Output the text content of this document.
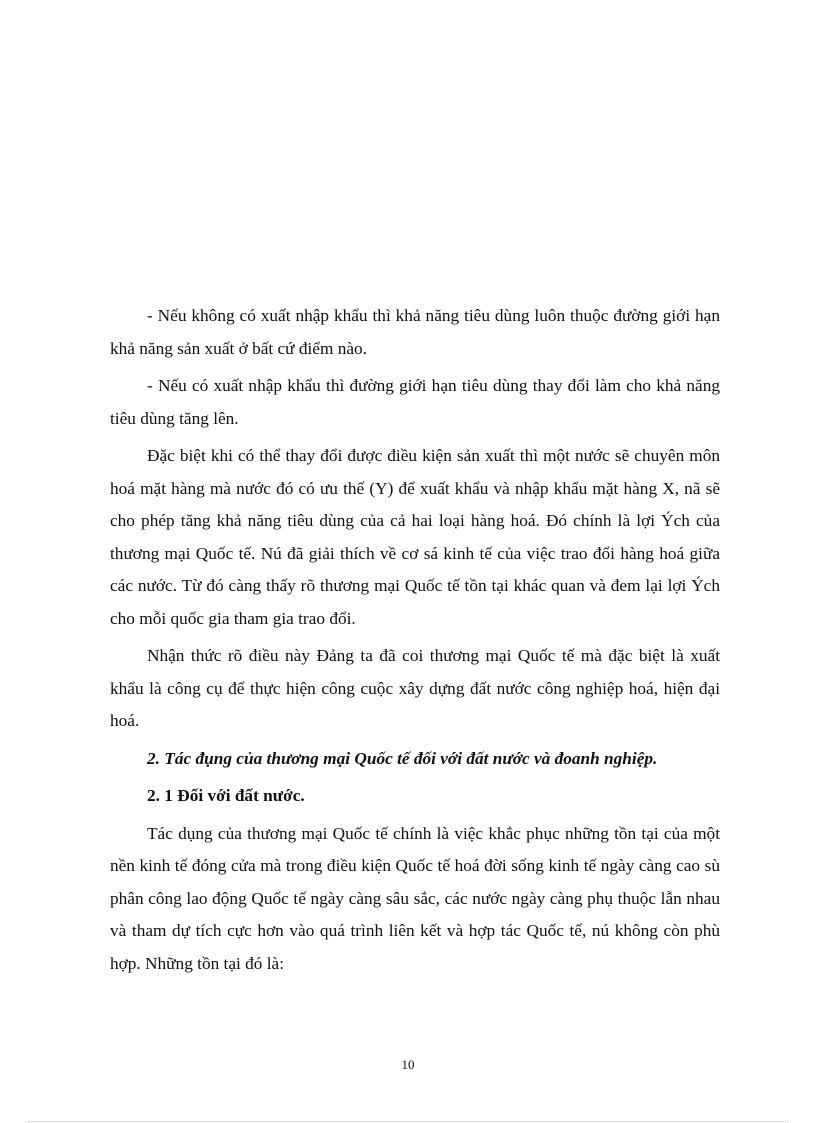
- Nếu không có xuất nhập khẩu thì khả năng tiêu dùng luôn thuộc đường giới hạn khả năng sản xuất ở bất cứ điểm nào.

- Nếu có xuất nhập khẩu thì đường giới hạn tiêu dùng thay đổi làm cho khả năng tiêu dùng tăng lên.

Đặc biệt khi có thể thay đổi được điều kiện sản xuất thì một nước sẽ chuyên môn hoá mặt hàng mà nước đó có ưu thế (Y) để xuất khẩu và nhập khẩu mặt hàng X, nã sẽ cho phép tăng khả năng tiêu dùng của cả hai loại hàng hoá. Đó chính là lợi Ých của thương mại Quốc tế. Nú đã giải thích về cơ sá kinh tế của việc trao đổi hàng hoá giữa các nước. Từ đó càng thấy rõ thương mại Quốc tế tồn tại khác quan và đem lại lợi Ých cho mỗi quốc gia tham gia trao đổi.

Nhận thức rõ điều này Đảng ta đã coi thương mại Quốc tế mà đặc biệt là xuất khẩu là công cụ để thực hiện công cuộc xây dựng đất nước công nghiệp hoá, hiện đại hoá.

2. Tác đụng của thương mại Quốc tế đối với đất nước và đoanh nghiệp.

2. 1 Đối với đất nước.

Tác dụng của thương mại Quốc tế chính là việc khắc phục những tồn tại của một nền kinh tế đóng cửa mà trong điều kiện Quốc tế hoá đời sống kinh tế ngày càng cao sù phân công lao động Quốc tế ngày càng sâu sắc, các nước ngày càng phụ thuộc lẫn nhau và tham dự tích cực hơn vào quá trình liên kết và hợp tác Quốc tế, nú không còn phù hợp. Những tồn tại đó là:

10
